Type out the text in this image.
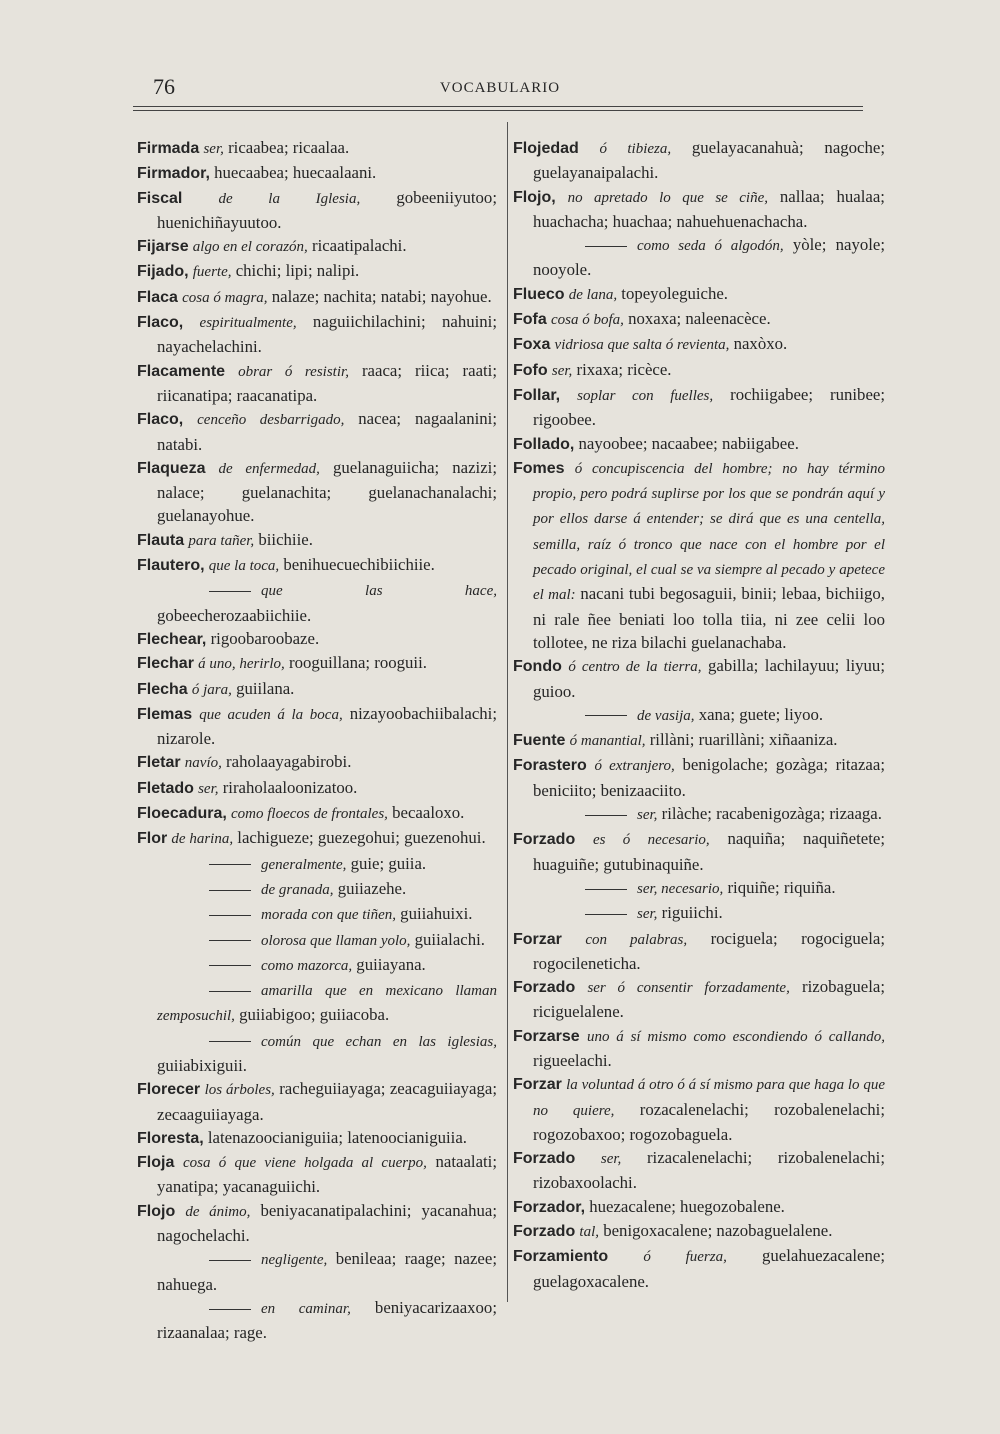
76	VOCABULARIO

Firmada ser, ricaabea; ricaalaa.

Firmador, huecaabea; huecaalaani.

Fiscal de la Iglesia, gobeeniiyutoo; huenichiñayuutoo.

Fijarse algo en el corazón, ricaatipalachi.

Fijado, fuerte, chichi; lipi; nalipi.

Flaca cosa ó magra, nalaze; nachita; natabi; nayohue.

Flaco, espiritualmente, naguiichilachini; nahuini; nayachelachini.

Flacamente obrar ó resistir, raaca; riica; raati; riicanatipa; raacanatipa.

Flaco, cenceño desbarrigado, nacea; nagaalanini; natabi.

Flaqueza de enfermedad, guelanaguiicha; nazizi; nalace; guelanachita; guelanachanalachi; guelanayohue.

Flauta para tañer, biichiie.

Flautero, que la toca, benihuecuechibiichiie.

que las hace, gobeecherozaabiichiie.

Flechear, rigoobaroobaze.

Flechar á uno, herirlo, rooguillana; rooguii.

Flecha ó jara, guiilana.

Flemas que acuden á la boca, nizayoobachiibalachi; nizarole.

Fletar navío, raholaayagabirobi.

Fletado ser, riraholaaloonizatoo.

Floecadura, como floecos de frontales, becaaloxo.

Flor de harina, lachigueze; guezegohui; guezenohui.

generalmente, guie; guiia.

de granada, guiiazehe.

morada con que tiñen, guiiahuixi.

olorosa que llaman yolo, guiialachi.

como mazorca, guiiayana.

amarilla que en mexicano llaman zemposuchil, guiiabigoo; guiiacoba.

común que echan en las iglesias, guiiabixiguii.

Florecer los árboles, racheguiiayaga; zeacaguiiayaga; zecaaguiiayaga.

Floresta, latenazoocianiguiia; latenoocianiguiia.

Floja cosa ó que viene holgada al cuerpo, nataalati; yanatipa; yacanaguiichi.

Flojo de ánimo, beniyacanatipalachini; yacanahua; nagochelachi.

negligente, benileaa; raage; nazee; nahuega.

en caminar, beniyacarizaaxoo; rizaanalaa; rage.

Flojedad ó tibieza, guelayacanahuà; nagoche; guelayanaipalachi.

Flojo, no apretado lo que se ciñe, nallaa; hualaa; huachacha; huachaa; nahuehuenachacha.

como seda ó algodón, yòle; nayole; nooyole.

Flueco de lana, topeyoleguiche.

Fofa cosa ó bofa, noxaxa; naleenacèce.

Foxa vidriosa que salta ó revienta, naxòxo.

Fofo ser, rixaxa; ricèce.

Follar, soplar con fuelles, rochiigabee; runibee; rigoobee.

Follado, nayoobee; nacaabee; nabiigabee.

Fomes ó concupiscencia del hombre; no hay término propio, pero podrá suplirse por los que se pondrán aquí y por ellos darse á entender; se dirá que es una centella, semilla, raíz ó tronco que nace con el hombre por el pecado original, el cual se va siempre al pecado y apetece el mal: nacani tubi begosaguii, binii; lebaa, bichiigo, ni rale ñee beniati loo tolla tiia, ni zee celii loo tollotee, ne riza bilachi guelanachaba.

Fondo ó centro de la tierra, gabilla; lachilayuu; liyuu; guioo.

de vasija, xana; guete; liyoo.

Fuente ó manantial, rillàni; ruarillàni; xiñaaniza.

Forastero ó extranjero, benigolache; gozàga; ritazaa; beniciito; benizaaciito.

ser, rilàche; racabenigozàga; rizaaga.

Forzado es ó necesario, naquiña; naquiñetete; huaguiñe; gutubinaquiñe.

ser, necesario, riquiñe; riquiña.

ser, riguiichi.

Forzar con palabras, rociguela; rogociguela; rogocileneticha.

Forzado ser ó consentir forzadamente, rizobaguela; riciguelalene.

Forzarse uno á sí mismo como escondiendo ó callando, rigueelachi.

Forzar la voluntad á otro ó á sí mismo para que haga lo que no quiere, rozacalenelachi; rozobalenelachi; rogozobaxoo; rogozobaguela.

Forzado ser, rizacalenelachi; rizobalenelachi; rizobaxoolachi.

Forzador, huezacalene; huegozobalene.

Forzado tal, benigoxacalene; nazobaguelalene.

Forzamiento ó fuerza, guelahuezacalene; guelagoxacalene.
